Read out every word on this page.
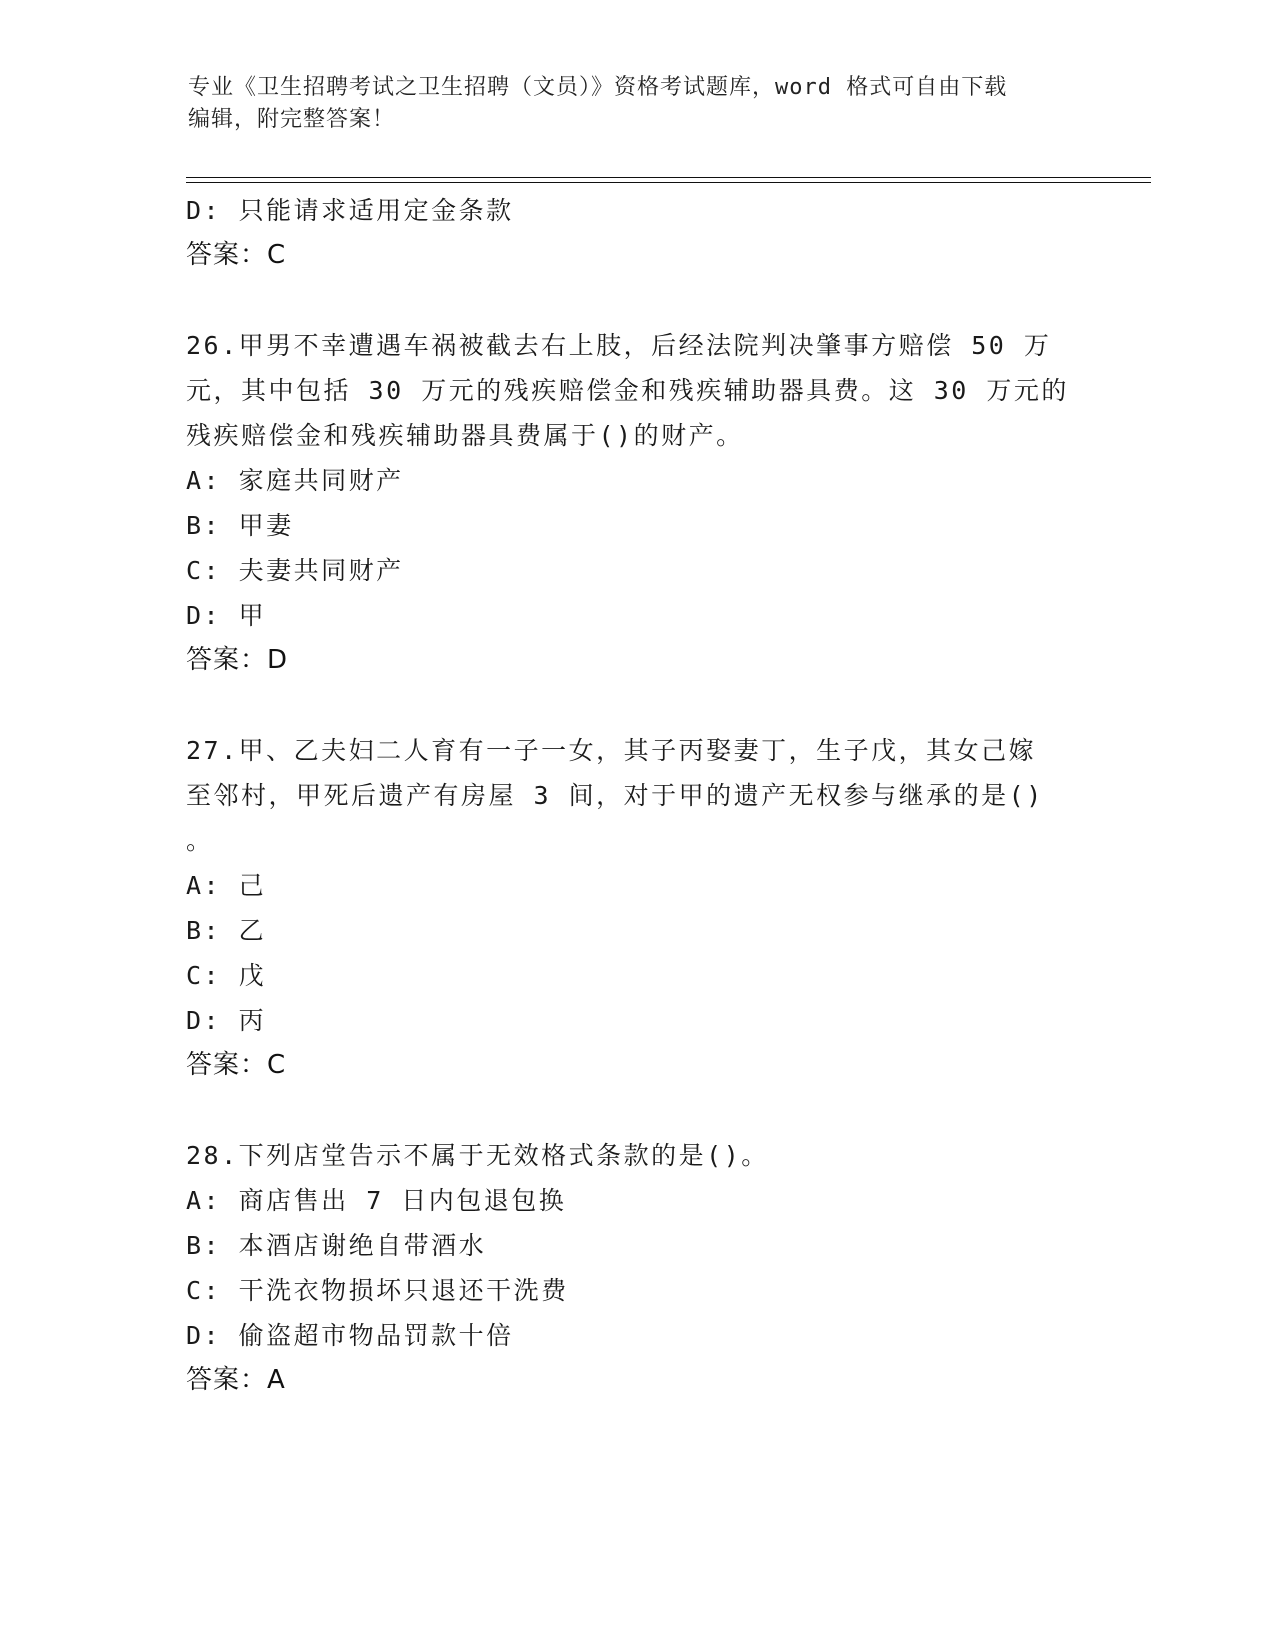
专业《卫生招聘考试之卫生招聘（文员）》资格考试题库，word 格式可自由下载
编辑，附完整答案！
D: 只能请求适用定金条款
答案：C
26.甲男不幸遭遇车祸被截去右上肢，后经法院判决肇事方赔偿 50 万
元，其中包括 30 万元的残疾赔偿金和残疾辅助器具费。这 30 万元的
残疾赔偿金和残疾辅助器具费属于()的财产。
A: 家庭共同财产
B: 甲妻
C: 夫妻共同财产
D: 甲
答案：D
27.甲、乙夫妇二人育有一子一女，其子丙娶妻丁，生子戊，其女己嫁
至邻村，甲死后遗产有房屋 3 间，对于甲的遗产无权参与继承的是()
。
A: 己
B: 乙
C: 戊
D: 丙
答案：C
28.下列店堂告示不属于无效格式条款的是()。
A: 商店售出 7 日内包退包换
B: 本酒店谢绝自带酒水
C: 干洗衣物损坏只退还干洗费
D: 偷盗超市物品罚款十倍
答案：A
